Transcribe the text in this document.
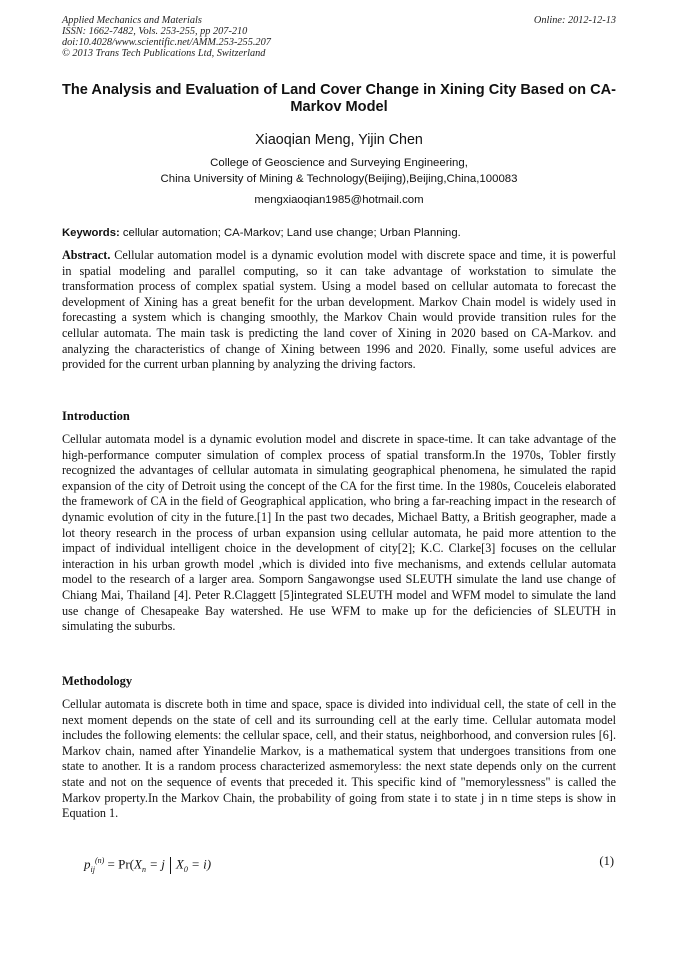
Applied Mechanics and Materials
ISSN: 1662-7482, Vols. 253-255, pp 207-210
doi:10.4028/www.scientific.net/AMM.253-255.207
© 2013 Trans Tech Publications Ltd, Switzerland
Online: 2012-12-13
The Analysis and Evaluation of Land Cover Change in Xining City Based on CA-Markov Model
Xiaoqian Meng, Yijin Chen
College of Geoscience and Surveying Engineering,
China University of Mining & Technology(Beijing),Beijing,China,100083
mengxiaoqian1985@hotmail.com
Keywords: cellular automation; CA-Markov; Land use change; Urban Planning.
Abstract. Cellular automation model is a dynamic evolution model with discrete space and time, it is powerful in spatial modeling and parallel computing, so it can take advantage of workstation to simulate the transformation process of complex spatial system. Using a model based on cellular automata to forecast the development of Xining has a great benefit for the urban development. Markov Chain model is widely used in forecasting a system which is changing smoothly, the Markov Chain would provide transition rules for the cellular automata. The main task is predicting the land cover of Xining in 2020 based on CA-Markov. and analyzing the characteristics of change of Xining between 1996 and 2020. Finally, some useful advices are provided for the current urban planning by analyzing the driving factors.
Introduction
Cellular automata model is a dynamic evolution model and discrete in space-time. It can take advantage of the high-performance computer simulation of complex process of spatial transform.In the 1970s, Tobler firstly recognized the advantages of cellular automata in simulating geographical phenomena, he simulated the rapid expansion of the city of Detroit using the concept of the CA for the first time. In the 1980s, Couceleis elaborated the framework of CA in the field of Geographical application, who bring a far-reaching impact in the research of dynamic evolution of city in the future.[1] In the past two decades, Michael Batty, a British geographer, made a lot theory research in the process of urban expansion using cellular automata, he paid more attention to the impact of individual intelligent choice in the development of city[2]; K.C. Clarke[3] focuses on the cellular interaction in his urban growth model ,which is divided into five mechanisms, and extends cellular automata model to the research of a larger area. Somporn Sangawongse used SLEUTH simulate the land use change of Chiang Mai, Thailand [4]. Peter R.Claggett [5]integrated SLEUTH model and WFM model to simulate the land use change of Chesapeake Bay watershed. He use WFM to make up for the deficiencies of SLEUTH in simulating the suburbs.
Methodology
Cellular automata is discrete both in time and space, space is divided into individual cell, the state of cell in the next moment depends on the state of cell and its surrounding cell at the early time. Cellular automata model includes the following elements: the cellular space, cell, and their status, neighborhood, and conversion rules [6]. Markov chain, named after Yinandelie Markov, is a mathematical system that undergoes transitions from one state to another. It is a random process characterized asmemoryless: the next state depends only on the current state and not on the sequence of events that preceded it. This specific kind of "memorylessness" is called the Markov property.In the Markov Chain, the probability of going from state i to state j in n time steps is show in Equation 1.
$p_{ij}^{(n)} = Pr(X_n = j$ $X_0 = i$)	(1)
